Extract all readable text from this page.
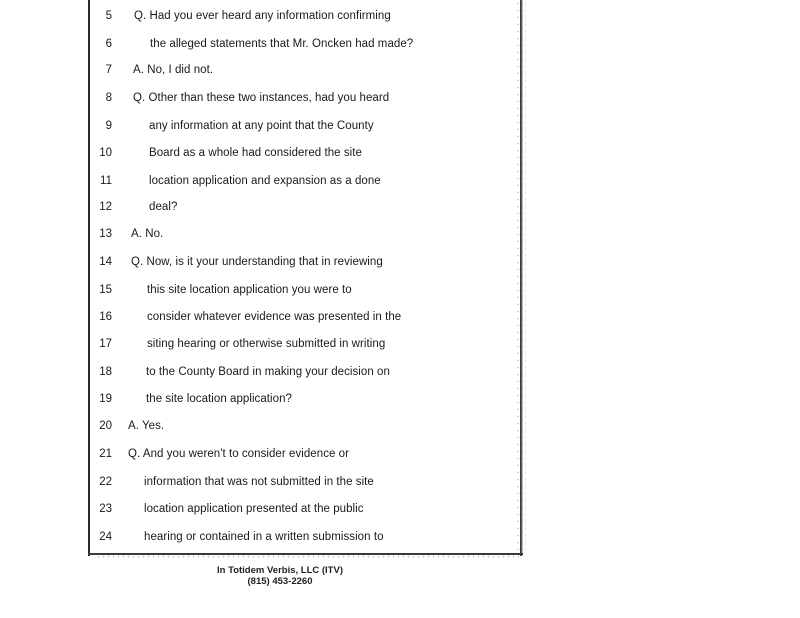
5 Q. Had you ever heard any information confirming
6	the alleged statements that Mr. Oncken had made?
7 A. No, I did not.
8 Q. Other than these two instances, had you heard
9	any information at any point that the County
10	Board as a whole had considered the site
11	location application and expansion as a done
12	deal?
13 A. No.
14 Q. Now, is it your understanding that in reviewing
15	this site location application you were to
16	consider whatever evidence was presented in the
17	siting hearing or otherwise submitted in writing
18	to the County Board in making your decision on
19	the site location application?
20 A. Yes.
21 Q. And you weren't to consider evidence or
22	information that was not submitted in the site
23	location application presented at the public
24	hearing or contained in a written submission to
In Totidem Verbis, LLC (ITV)
(815) 453-2260
